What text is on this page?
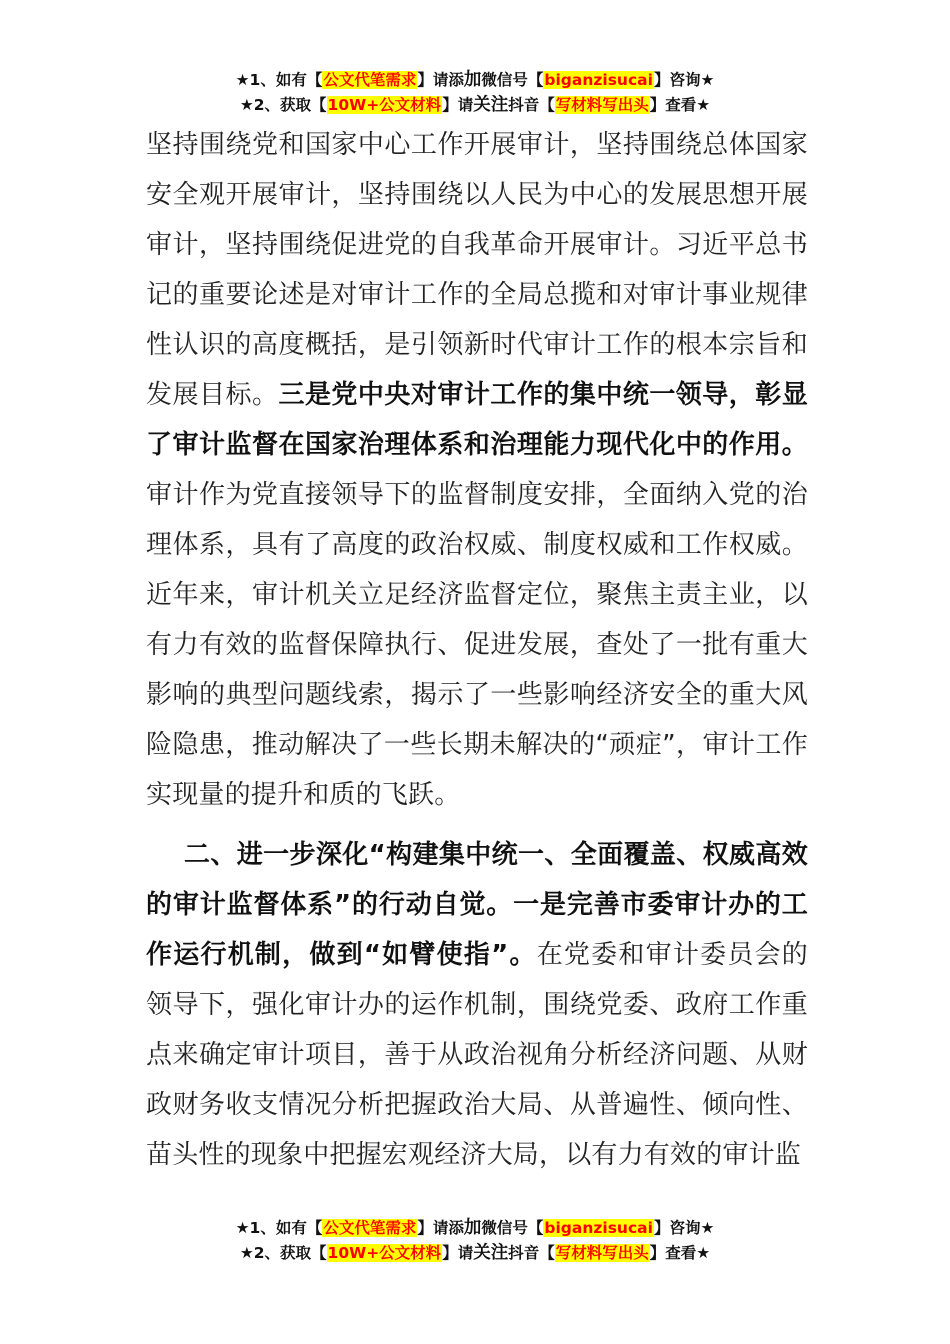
★1、如有【公文代笔需求】请添加微信号【biganzisucai】咨询★
★2、获取【10W+公文材料】请关注抖音【写材料写出头】查看★

坚持围绕党和国家中心工作开展审计，坚持围绕总体国家安全观开展审计，坚持围绕以人民为中心的发展思想开展审计，坚持围绕促进党的自我革命开展审计。习近平总书记的重要论述是对审计工作的全局总揽和对审计事业规律性认识的高度概括，是引领新时代审计工作的根本宗旨和发展目标。三是党中央对审计工作的集中统一领导，彰显了审计监督在国家治理体系和治理能力现代化中的作用。审计作为党直接领导下的监督制度安排，全面纳入党的治理体系，具有了高度的政治权威、制度权威和工作权威。近年来，审计机关立足经济监督定位，聚焦主责主业，以有力有效的监督保障执行、促进发展，查处了一批有重大影响的典型问题线索，揭示了一些影响经济安全的重大风险隐患，推动解决了一些长期未解决的“顽症”，审计工作实现量的提升和质的飞跃。

二、进一步深化“构建集中统一、全面覆盖、权威高效的审计监督体系”的行动自觉。一是完善市委审计办的工作运行机制，做到“如臂使指”。在党委和审计委员会的领导下，强化审计办的运作机制，围绕党委、政府工作重点来确定审计项目，善于从政治视角分析经济问题、从财政财务收支情况分析把握政治大局、从普遍性、倾向性、苗头性的现象中把握宏观经济大局，以有力有效的审计监

★1、如有【公文代笔需求】请添加微信号【biganzisucai】咨询★
★2、获取【10W+公文材料】请关注抖音【写材料写出头】查看★
